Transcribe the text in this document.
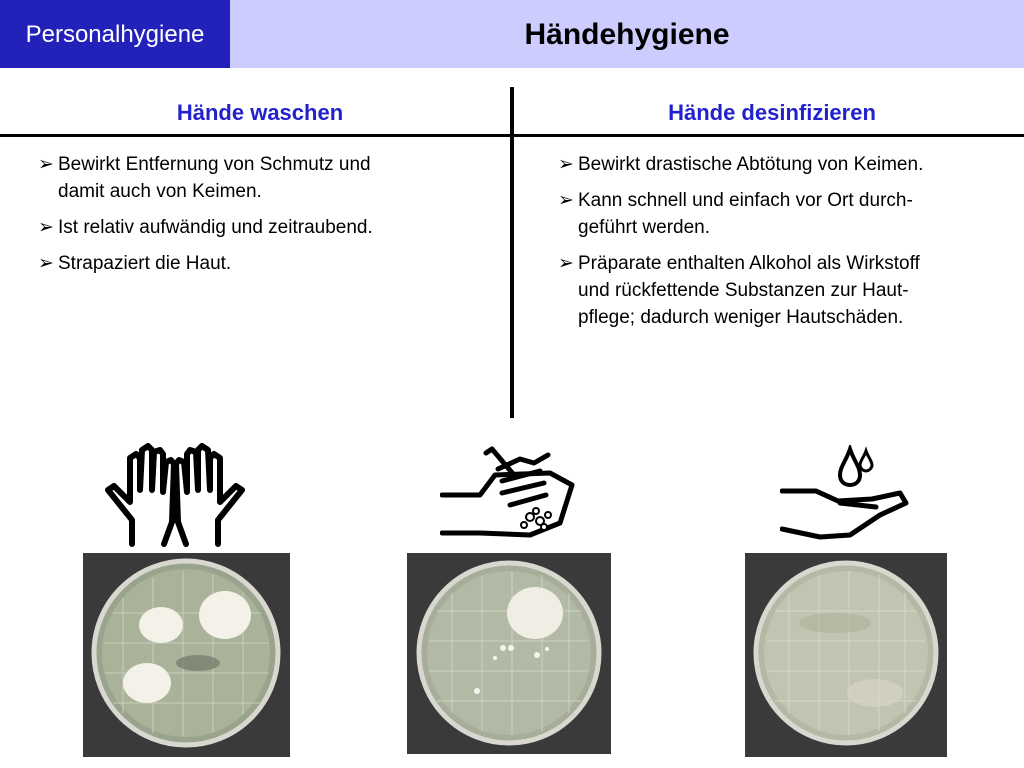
Personalhygiene	Händehygiene
Hände waschen	Hände desinfizieren
➢ Bewirkt Entfernung von Schmutz und
damit auch von Keimen.
➢ Ist relativ aufwändig und zeitraubend.
➢ Strapaziert die Haut.
➢ Bewirkt drastische Abtötung von Keimen.
➢ Kann schnell und einfach vor Ort durch-
geführt werden.
➢ Präparate enthalten Alkohol als Wirkstoff
und rückfettende Substanzen zur Haut-
pflege; dadurch weniger Hautschäden.
